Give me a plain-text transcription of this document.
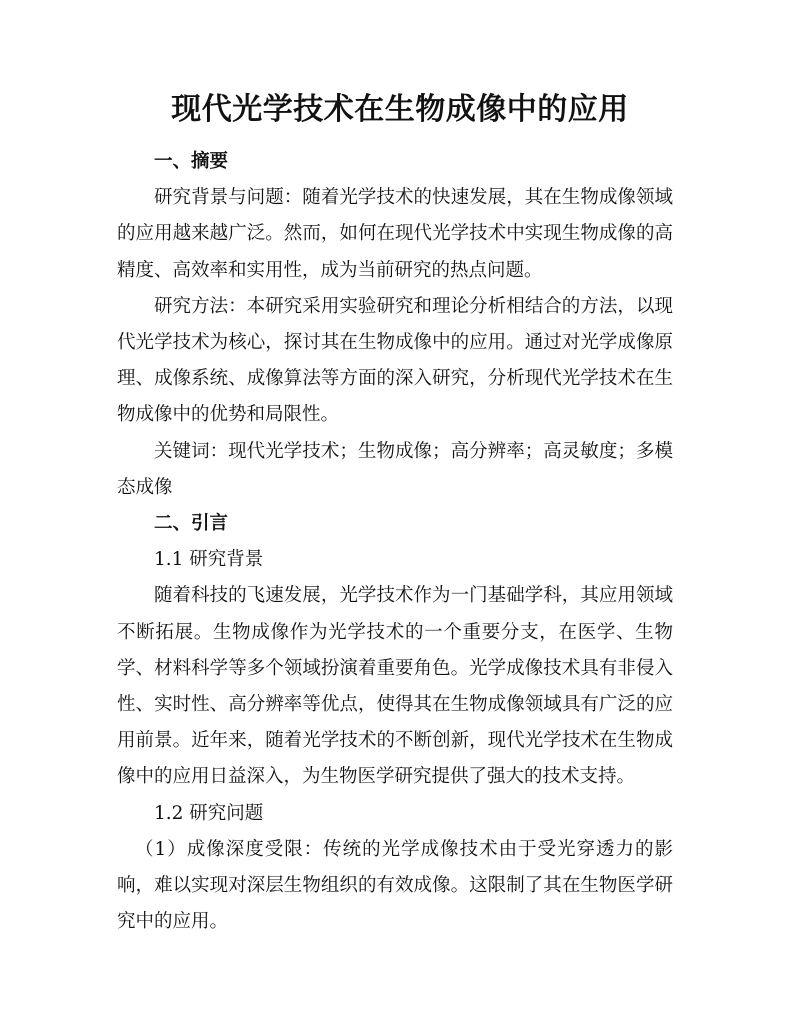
现代光学技术在生物成像中的应用

一、摘要

研究背景与问题：随着光学技术的快速发展，其在生物成像领域的应用越来越广泛。然而，如何在现代光学技术中实现生物成像的高精度、高效率和实用性，成为当前研究的热点问题。

研究方法：本研究采用实验研究和理论分析相结合的方法，以现代光学技术为核心，探讨其在生物成像中的应用。通过对光学成像原理、成像系统、成像算法等方面的深入研究，分析现代光学技术在生物成像中的优势和局限性。

关键词：现代光学技术；生物成像；高分辨率；高灵敏度；多模态成像

二、引言

1.1 研究背景

随着科技的飞速发展，光学技术作为一门基础学科，其应用领域不断拓展。生物成像作为光学技术的一个重要分支，在医学、生物学、材料科学等多个领域扮演着重要角色。光学成像技术具有非侵入性、实时性、高分辨率等优点，使得其在生物成像领域具有广泛的应用前景。近年来，随着光学技术的不断创新，现代光学技术在生物成像中的应用日益深入，为生物医学研究提供了强大的技术支持。

1.2 研究问题

（1）成像深度受限：传统的光学成像技术由于受光穿透力的影响，难以实现对深层生物组织的有效成像。这限制了其在生物医学研究中的应用。
